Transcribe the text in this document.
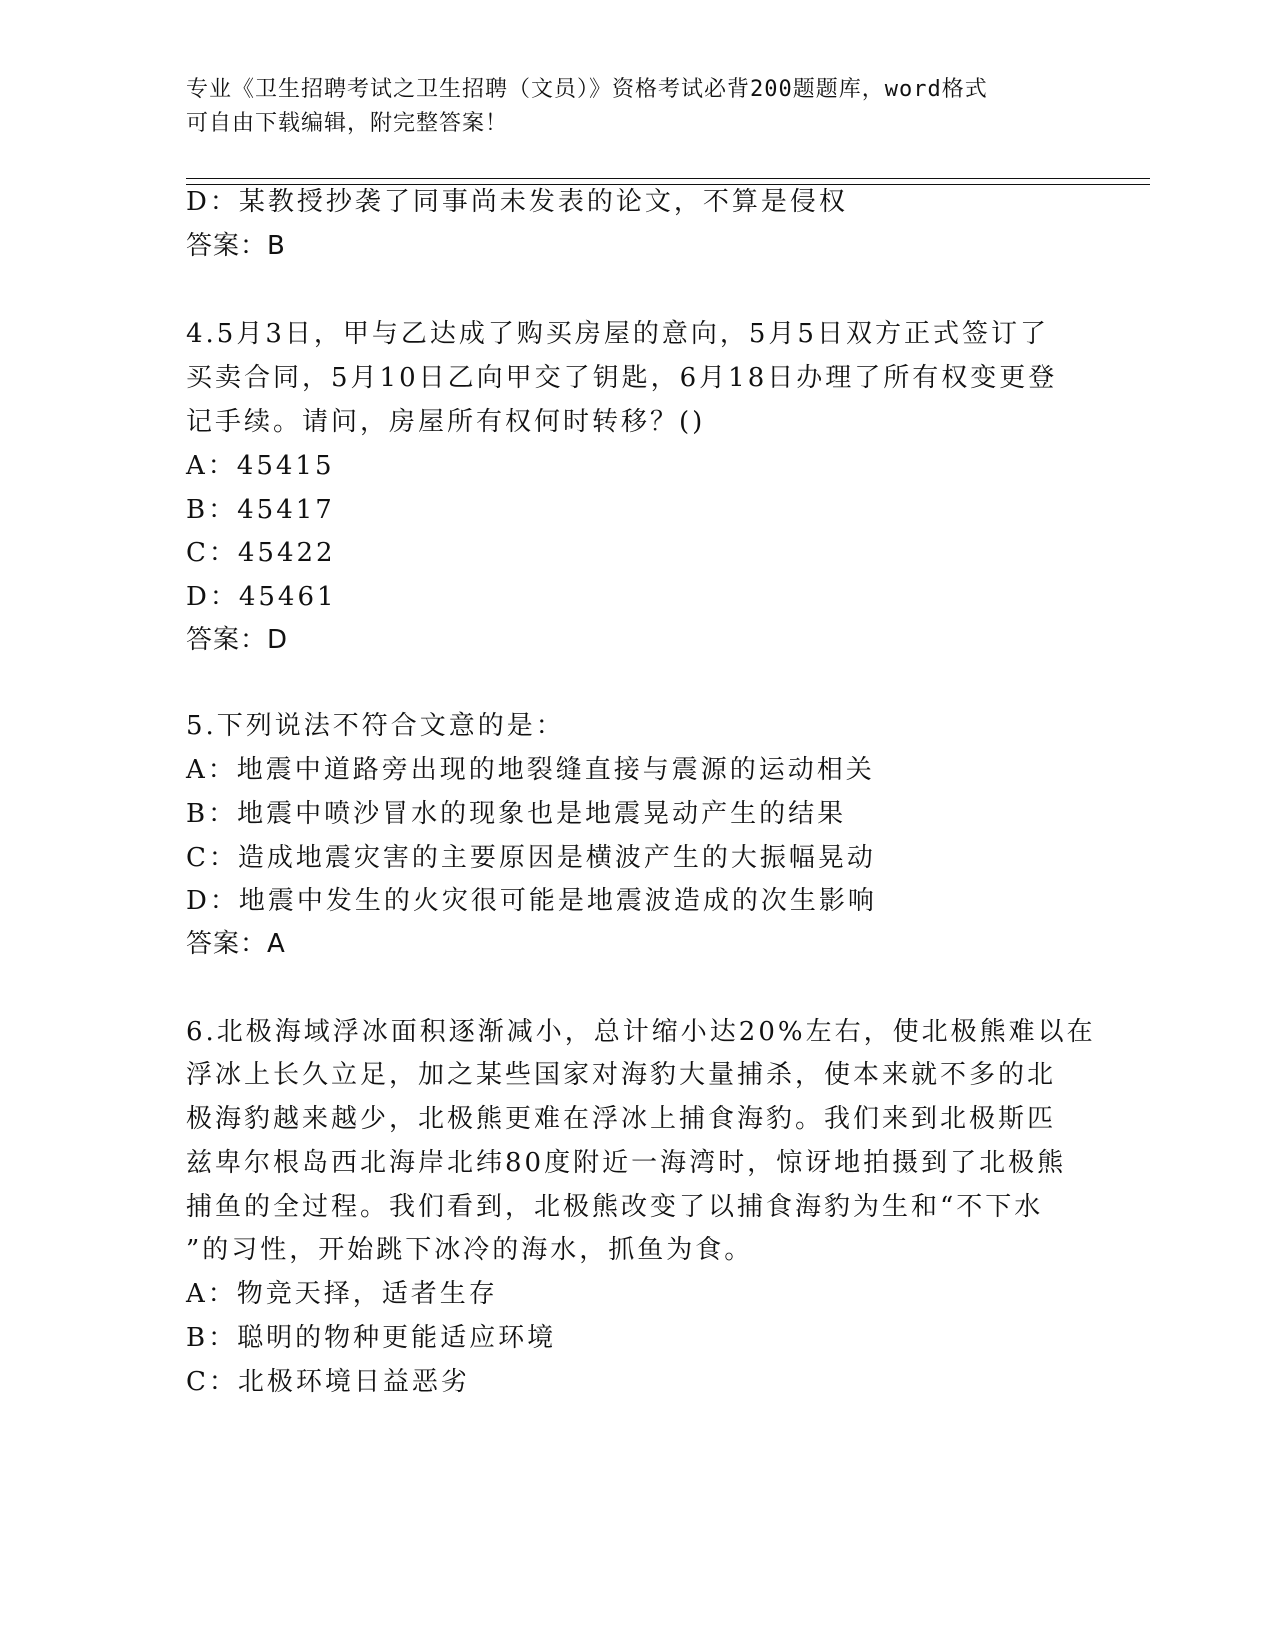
专业《卫生招聘考试之卫生招聘（文员）》资格考试必背200题题库，word格式
可自由下载编辑，附完整答案！
D：某教授抄袭了同事尚未发表的论文，不算是侵权
答案：B
4.5月3日，甲与乙达成了购买房屋的意向，5月5日双方正式签订了
买卖合同，5月10日乙向甲交了钥匙，6月18日办理了所有权变更登
记手续。请问，房屋所有权何时转移？()
A：45415
B：45417
C：45422
D：45461
答案：D
5.下列说法不符合文意的是：
A：地震中道路旁出现的地裂缝直接与震源的运动相关
B：地震中喷沙冒水的现象也是地震晃动产生的结果
C：造成地震灾害的主要原因是横波产生的大振幅晃动
D：地震中发生的火灾很可能是地震波造成的次生影响
答案：A
6.北极海域浮冰面积逐渐减小，总计缩小达20%左右，使北极熊难以在
浮冰上长久立足，加之某些国家对海豹大量捕杀，使本来就不多的北
极海豹越来越少，北极熊更难在浮冰上捕食海豹。我们来到北极斯匹
兹卑尔根岛西北海岸北纬80度附近一海湾时，惊讶地拍摄到了北极熊
捕鱼的全过程。我们看到，北极熊改变了以捕食海豹为生和“不下水
”的习性，开始跳下冰冷的海水，抓鱼为食。
A：物竞天择，适者生存
B：聪明的物种更能适应环境
C：北极环境日益恶劣
